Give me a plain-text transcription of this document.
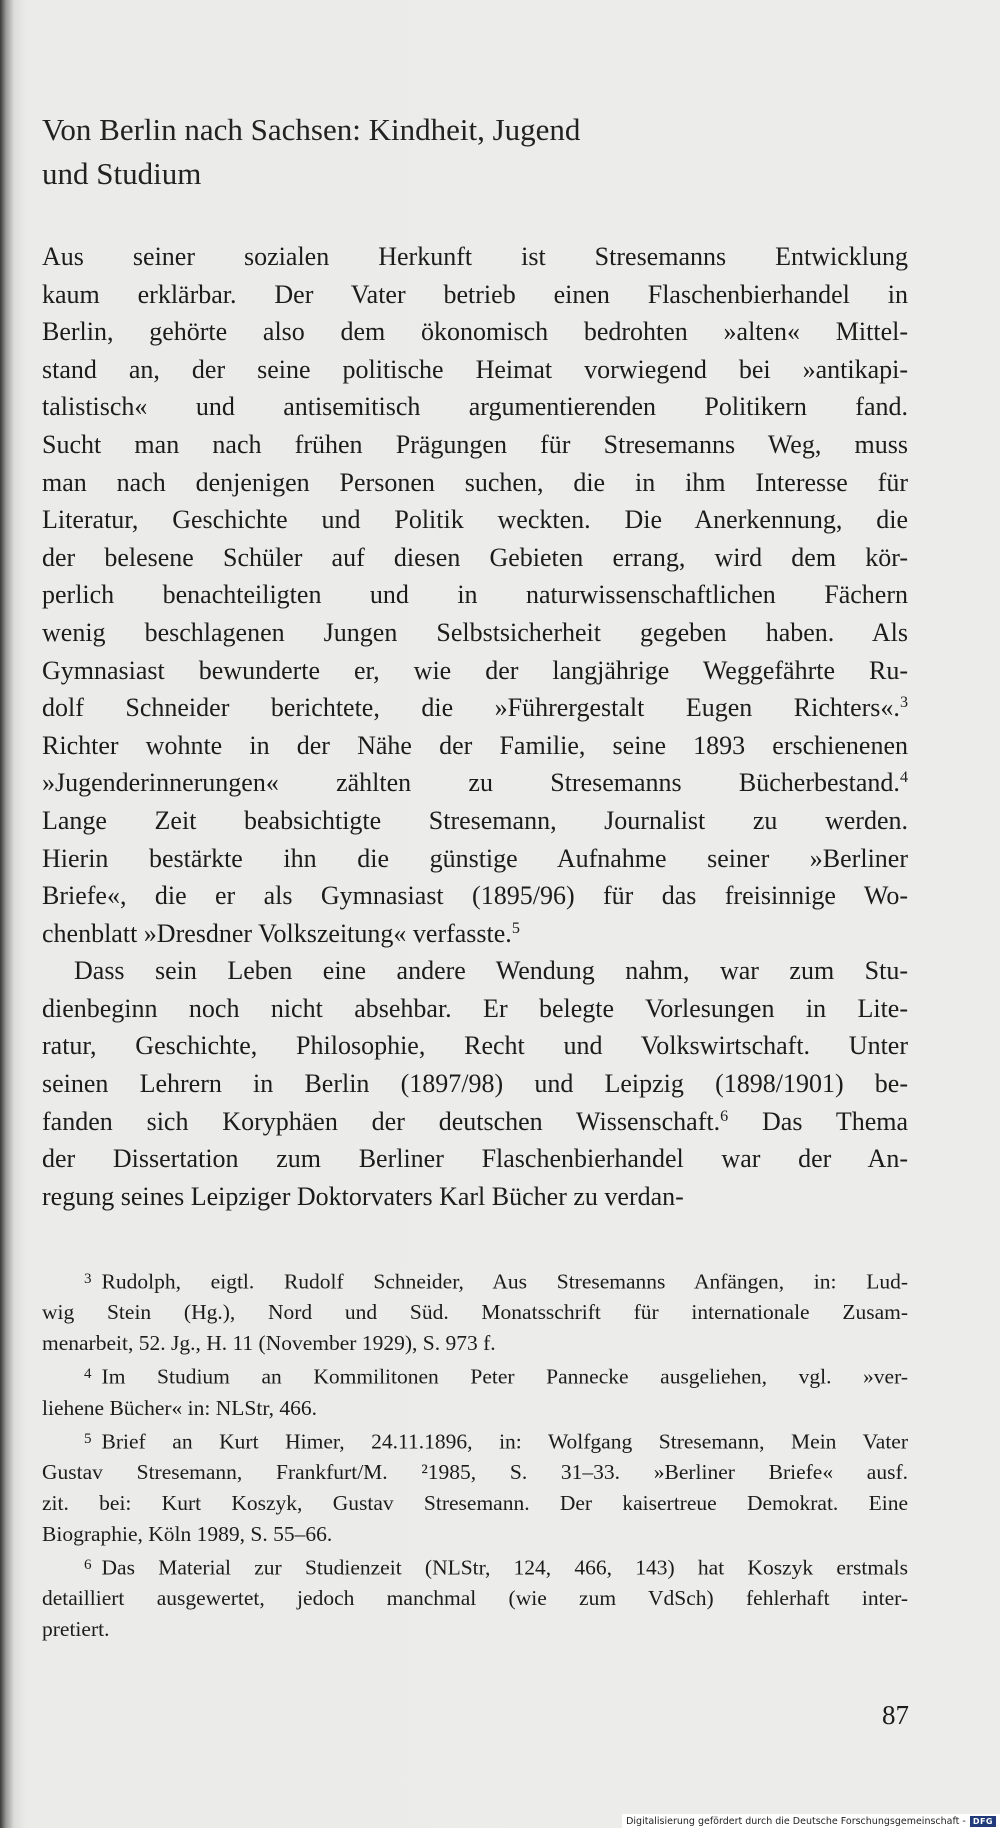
Von Berlin nach Sachsen: Kindheit, Jugend
und Studium
Aus seiner sozialen Herkunft ist Stresemanns Entwicklung
kaum erklärbar. Der Vater betrieb einen Flaschenbierhandel in
Berlin, gehörte also dem ökonomisch bedrohten »alten« Mittel-
stand an, der seine politische Heimat vorwiegend bei »antikapi-
talistisch« und antisemitisch argumentierenden Politikern fand.
Sucht man nach frühen Prägungen für Stresemanns Weg, muss
man nach denjenigen Personen suchen, die in ihm Interesse für
Literatur, Geschichte und Politik weckten. Die Anerkennung, die
der belesene Schüler auf diesen Gebieten errang, wird dem kör-
perlich benachteiligten und in naturwissenschaftlichen Fächern
wenig beschlagenen Jungen Selbstsicherheit gegeben haben. Als
Gymnasiast bewunderte er, wie der langjährige Weggefährte Ru-
dolf Schneider berichtete, die »Führergestalt Eugen Richters«.$^3$
Richter wohnte in der Nähe der Familie, seine 1893 erschienenen
»Jugenderinnerungen« zählten zu Stresemanns Bücherbestand.$^4$
Lange Zeit beabsichtigte Stresemann, Journalist zu werden.
Hierin bestärkte ihn die günstige Aufnahme seiner »Berliner
Briefe«, die er als Gymnasiast (1895/96) für das freisinnige Wo-
chenblatt »Dresdner Volkszeitung« verfasste.$^5$
Dass sein Leben eine andere Wendung nahm, war zum Stu-
dienbeginn noch nicht absehbar. Er belegte Vorlesungen in Lite-
ratur, Geschichte, Philosophie, Recht und Volkswirtschaft. Unter
seinen Lehrern in Berlin (1897/98) und Leipzig (1898/1901) be-
fanden sich Koryphäen der deutschen Wissenschaft.$^6$ Das Thema
der Dissertation zum Berliner Flaschenbierhandel war der An-
regung seines Leipziger Doktorvaters Karl Bücher zu verdan-
$^3$ Rudolph, eigtl. Rudolf Schneider, Aus Stresemanns Anfängen, in: Lud-
wig Stein (Hg.), Nord und Süd. Monatsschrift für internationale Zusam-
menarbeit, 52. Jg., H. 11 (November 1929), S. 973 f.
$^4$ Im Studium an Kommilitonen Peter Pannecke ausgeliehen, vgl. »ver-
liehene Bücher« in: NLStr, 466.
$^5$ Brief an Kurt Himer, 24.11.1896, in: Wolfgang Stresemann, Mein Vater
Gustav Stresemann, Frankfurt/M. ²1985, S. 31–33. »Berliner Briefe« ausf.
zit. bei: Kurt Koszyk, Gustav Stresemann. Der kaisertreue Demokrat. Eine
Biographie, Köln 1989, S. 55–66.
$^6$ Das Material zur Studienzeit (NLStr, 124, 466, 143) hat Koszyk erstmals
detailliert ausgewertet, jedoch manchmal (wie zum VdSch) fehlerhaft inter-
pretiert.
87
Digitalisierung gefördert durch die Deutsche Forschungsgemeinschaft - DFG
